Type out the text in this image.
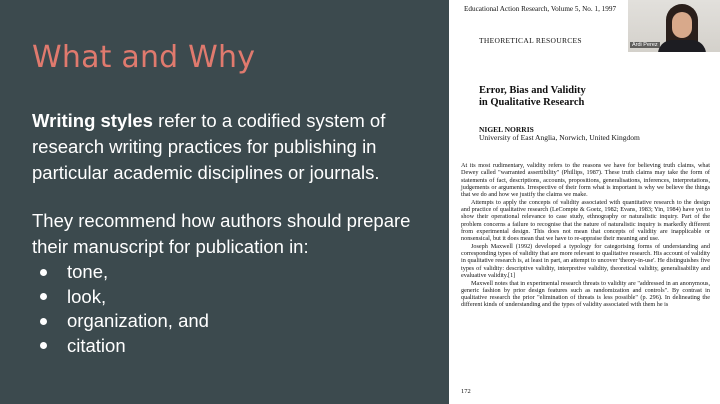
What and Why
Writing styles refer to a codified system of research writing practices for publishing in particular academic disciplines or journals.
They recommend how authors should prepare their manuscript for publication in:
tone,
look,
organization, and
citation
Educational Action Research, Volume 5, No. 1, 1997
THEORETICAL RESOURCES
Error, Bias and Validity
in Qualitative Research
NIGEL NORRIS
University of East Anglia, Norwich, United Kingdom

At its most rudimentary, validity refers to the reasons we have for believing truth claims, what Dewey called "warranted assertibility" (Phillips, 1987). These truth claims may take the form of statements of fact, descriptions, accounts, propositions, generalisations, inferences, interpretations, judgements or arguments. Irrespective of their form what is important is why we believe the things that we do and how we justify the claims we make.

Attempts to apply the concepts of validity associated with quantitative research to the design and practice of qualitative research (LeCompte & Goetz, 1982; Evans, 1983; Yin, 1984) have yet to show their operational relevance to case study, ethnography or naturalistic inquiry. Part of the problem concerns a failure to recognise that the nature of naturalistic inquiry is markedly different from experimental design. This does not mean that concepts of validity are inapplicable or nonsensical, but it does mean that we have to re-appraise their meaning and use.

Joseph Maxwell (1992) developed a typology for categorising forms of understanding and corresponding types of validity that are more relevant to qualitative research. His account of validity in qualitative research is, at least in part, an attempt to uncover 'theory-in-use'. He distinguishes five types of validity: descriptive validity, interpretive validity, theoretical validity, generalisability and evaluative validity.[1]

Maxwell notes that in experimental research threats to validity are "addressed in an anonymous, generic fashion by prior design features such as randomization and controls". By contrast in qualitative research the prior "elimination of threats is less possible" (p. 296). In delineating the different kinds of understanding and the types of validity associated with them he is

172
Ardi Perez
